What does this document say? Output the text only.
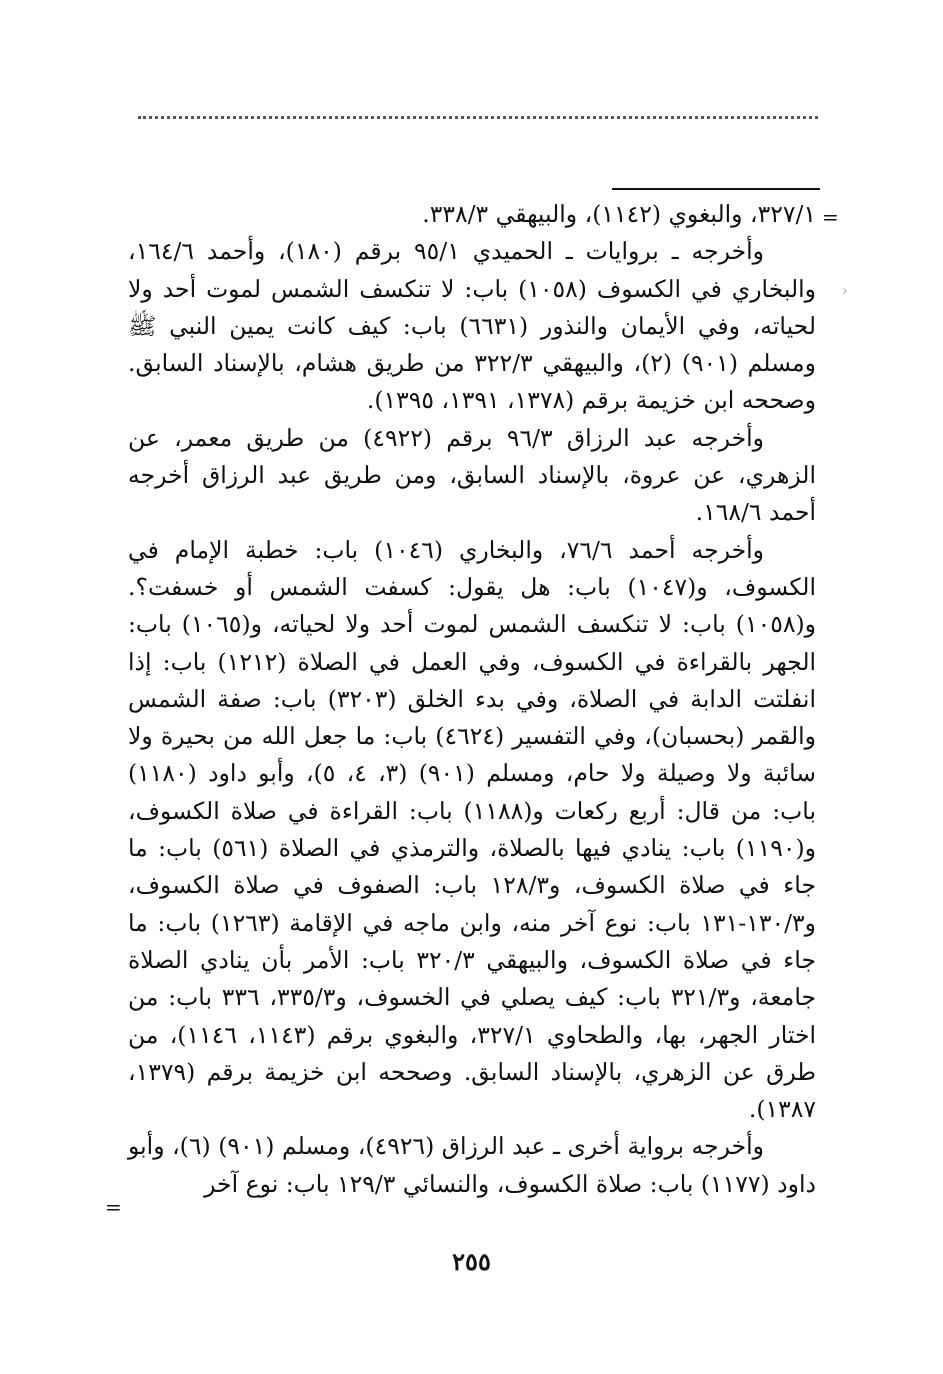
=
‹

٣٢٧/١، والبغوي (١١٤٢)، والبيهقي ٣٣٨/٣.

وأخرجه ـ بروايات ـ الحميدي ٩٥/١ برقم (١٨٠)، وأحمد ١٦٤/٦، والبخاري في الكسوف (١٠٥٨) باب: لا تنكسف الشمس لموت أحد ولا لحياته، وفي الأيمان والنذور (٦٦٣١) باب: كيف كانت يمين النبي ﷺ ومسلم (٩٠١) (٢)، والبيهقي ٣٢٢/٣ من طريق هشام، بالإسناد السابق. وصححه ابن خزيمة برقم (١٣٧٨، ١٣٩١، ١٣٩٥).

وأخرجه عبد الرزاق ٩٦/٣ برقم (٤٩٢٢) من طريق معمر، عن الزهري، عن عروة، بالإسناد السابق، ومن طريق عبد الرزاق أخرجه أحمد ١٦٨/٦.

وأخرجه أحمد ٧٦/٦، والبخاري (١٠٤٦) باب: خطبة الإمام في الكسوف، و(١٠٤٧) باب: هل يقول: كسفت الشمس أو خسفت؟. و(١٠٥٨) باب: لا تنكسف الشمس لموت أحد ولا لحياته، و(١٠٦٥) باب: الجهر بالقراءة في الكسوف، وفي العمل في الصلاة (١٢١٢) باب: إذا انفلتت الدابة في الصلاة، وفي بدء الخلق (٣٢٠٣) باب: صفة الشمس والقمر (بحسبان)، وفي التفسير (٤٦٢٤) باب: ما جعل الله من بحيرة ولا سائبة ولا وصيلة ولا حام، ومسلم (٩٠١) (٣، ٤، ٥)، وأبو داود (١١٨٠) باب: من قال: أربع ركعات و(١١٨٨) باب: القراءة في صلاة الكسوف، و(١١٩٠) باب: ينادي فيها بالصلاة، والترمذي في الصلاة (٥٦١) باب: ما جاء في صلاة الكسوف، و١٢٨/٣ باب: الصفوف في صلاة الكسوف، و١٣٠/٣-١٣١ باب: نوع آخر منه، وابن ماجه في الإقامة (١٢٦٣) باب: ما جاء في صلاة الكسوف، والبيهقي ٣٢٠/٣ باب: الأمر بأن ينادي الصلاة جامعة، و٣٢١/٣ باب: كيف يصلي في الخسوف، و٣٣٥/٣، ٣٣٦ باب: من اختار الجهر، بها، والطحاوي ٣٢٧/١، والبغوي برقم (١١٤٣، ١١٤٦)، من طرق عن الزهري، بالإسناد السابق. وصححه ابن خزيمة برقم (١٣٧٩، ١٣٨٧).

وأخرجه برواية أخرى ـ عبد الرزاق (٤٩٢٦)، ومسلم (٩٠١) (٦)، وأبو داود (١١٧٧) باب: صلاة الكسوف، والنسائي ١٢٩/٣ باب: نوع آخر

=
٢٥٥
